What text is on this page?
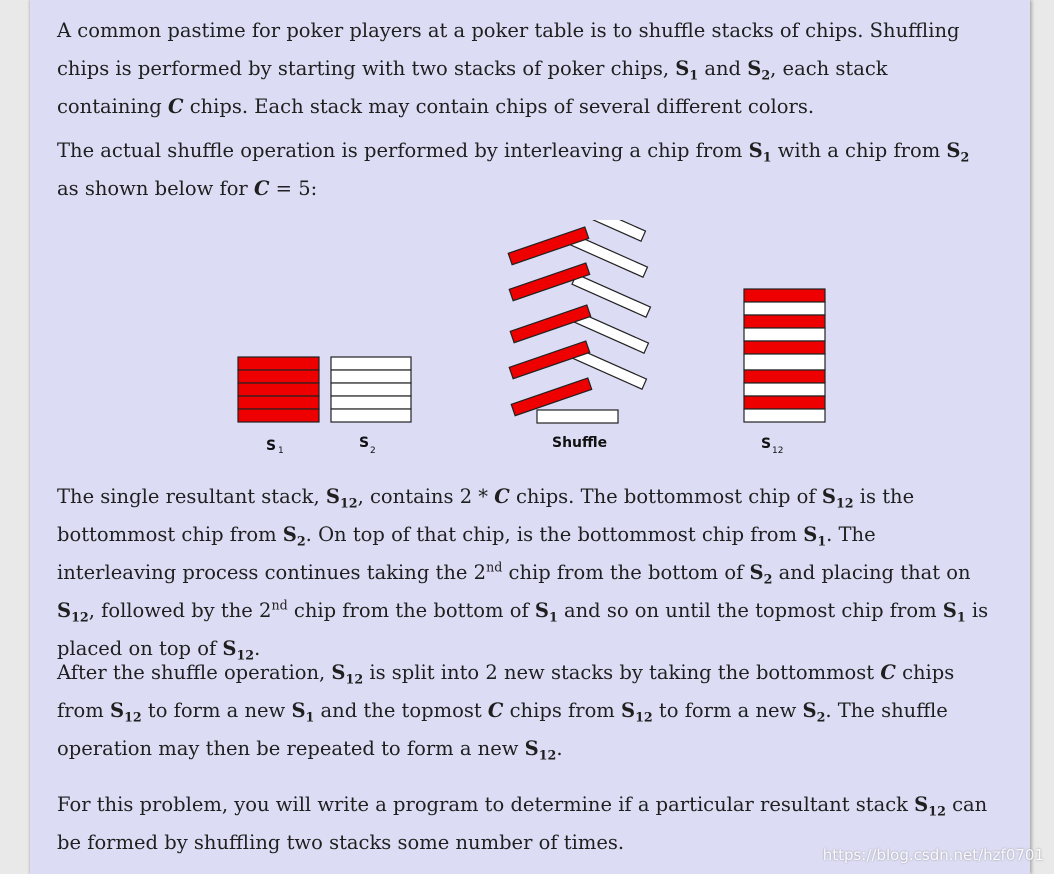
A common pastime for poker players at a poker table is to shuffle stacks of chips. Shuffling chips is performed by starting with two stacks of poker chips, $S_1$ and $S_2$, each stack containing C chips. Each stack may contain chips of several different colors.
The actual shuffle operation is performed by interleaving a chip from $S_1$ with a chip from $S_2$ as shown below for C = 5:
S 1	S 2	Shuffle	S 12
The single resultant stack, $S_{12}$, contains 2 * C chips. The bottommost chip of $S_{12}$ is the bottommost chip from $S_2$. On top of that chip, is the bottommost chip from $S_1$. The interleaving process continues taking the 2nd chip from the bottom of $S_2$ and placing that on $S_{12}$, followed by the 2nd chip from the bottom of $S_1$ and so on until the topmost chip from $S_1$ is placed on top of $S_{12}$.
After the shuffle operation, $S_{12}$ is split into 2 new stacks by taking the bottommost C chips from $S_{12}$ to form a new $S_1$ and the topmost C chips from $S_{12}$ to form a new $S_2$. The shuffle operation may then be repeated to form a new $S_{12}$.
For this problem, you will write a program to determine if a particular resultant stack $S_{12}$ can be formed by shuffling two stacks some number of times.
https://blog.csdn.net/hzf0701
